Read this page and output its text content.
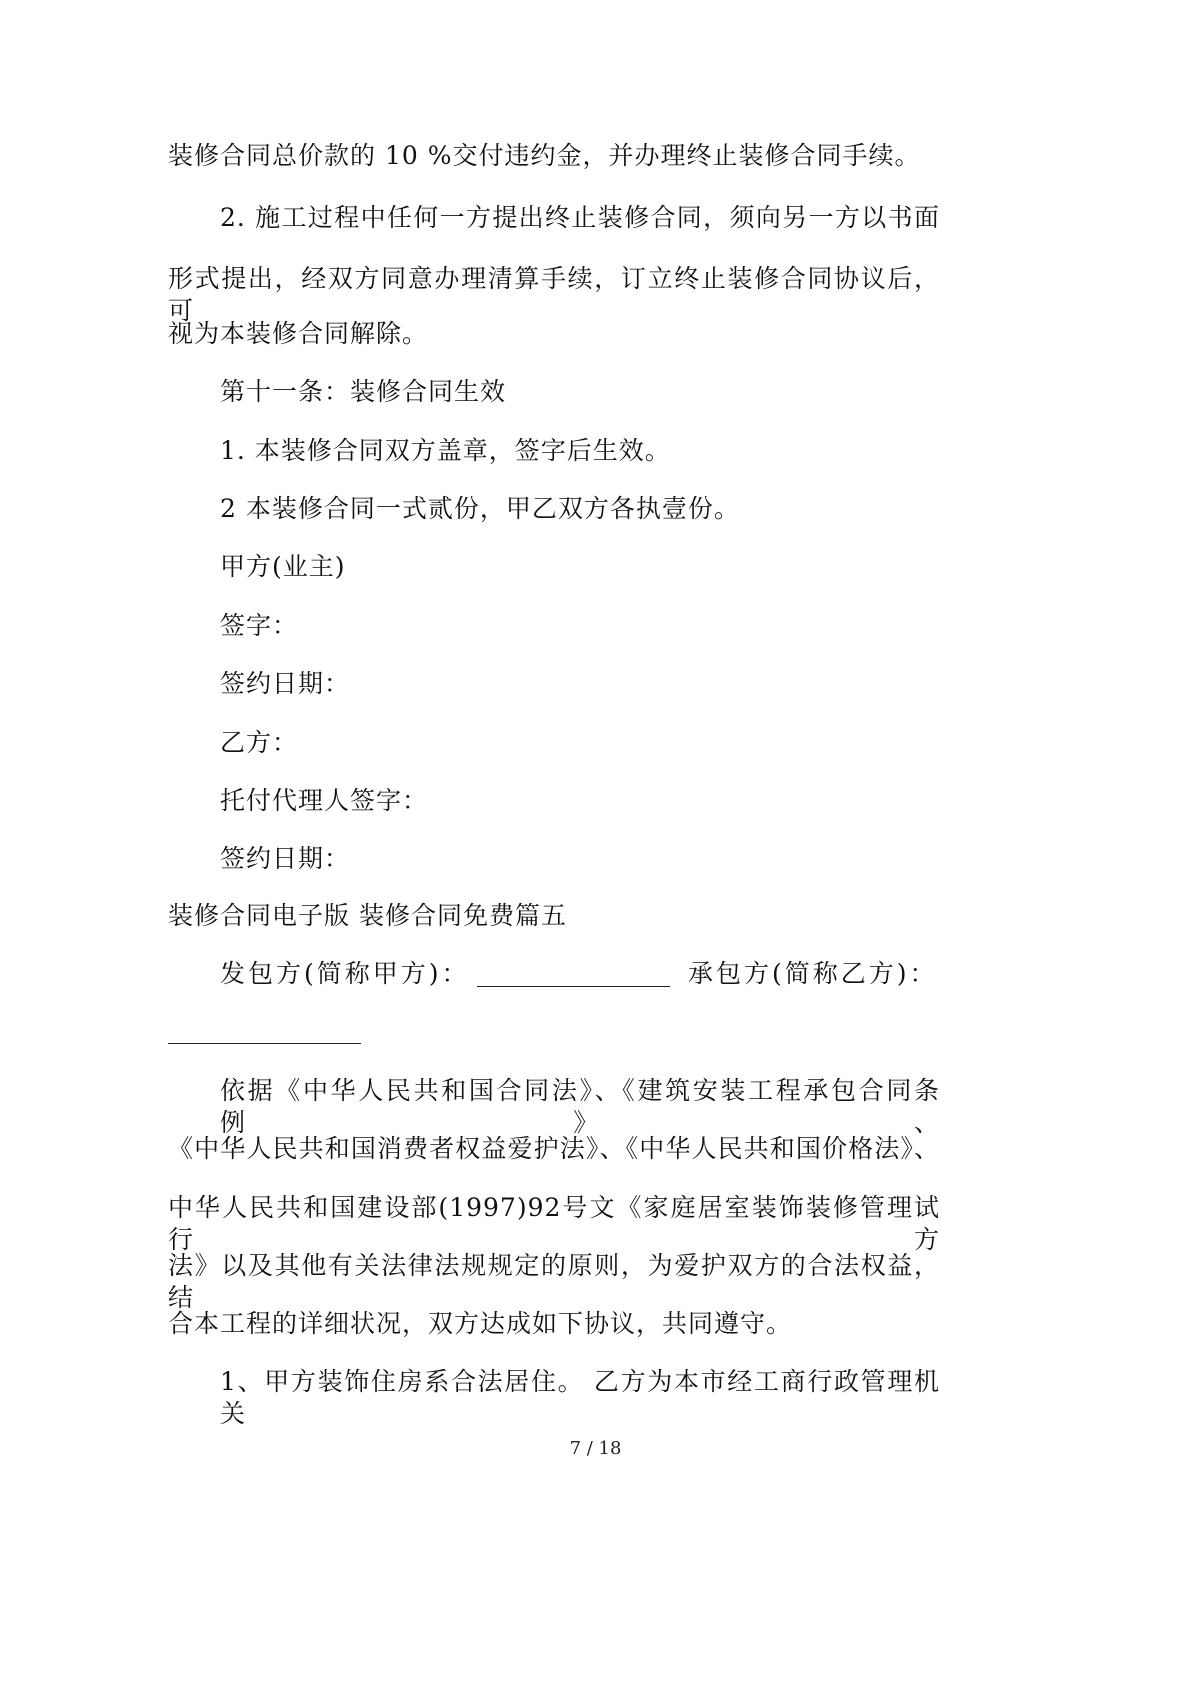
装修合同总价款的 10 %交付违约金，并办理终止装修合同手续。
2. 施工过程中任何一方提出终止装修合同，须向另一方以书面
形式提出，经双方同意办理清算手续，订立终止装修合同协议后，可
视为本装修合同解除。
第十一条：装修合同生效
1. 本装修合同双方盖章，签字后生效。
2 本装修合同一式贰份，甲乙双方各执壹份。
甲方(业主)
签字：
签约日期：
乙方：
托付代理人签字：
签约日期：
装修合同电子版 装修合同免费篇五
发包方(简称甲方)：	承包方(简称乙方)：
依据《中华人民共和国合同法》、《建筑安装工程承包合同条例》、
《中华人民共和国消费者权益爱护法》、《中华人民共和国价格法》、
中华人民共和国建设部(1997)92号文《家庭居室装饰装修管理试行方
法》以及其他有关法律法规规定的原则，为爱护双方的合法权益，结
合本工程的详细状况，双方达成如下协议，共同遵守。
1、甲方装饰住房系合法居住。 乙方为本市经工商行政管理机关
7 / 18
